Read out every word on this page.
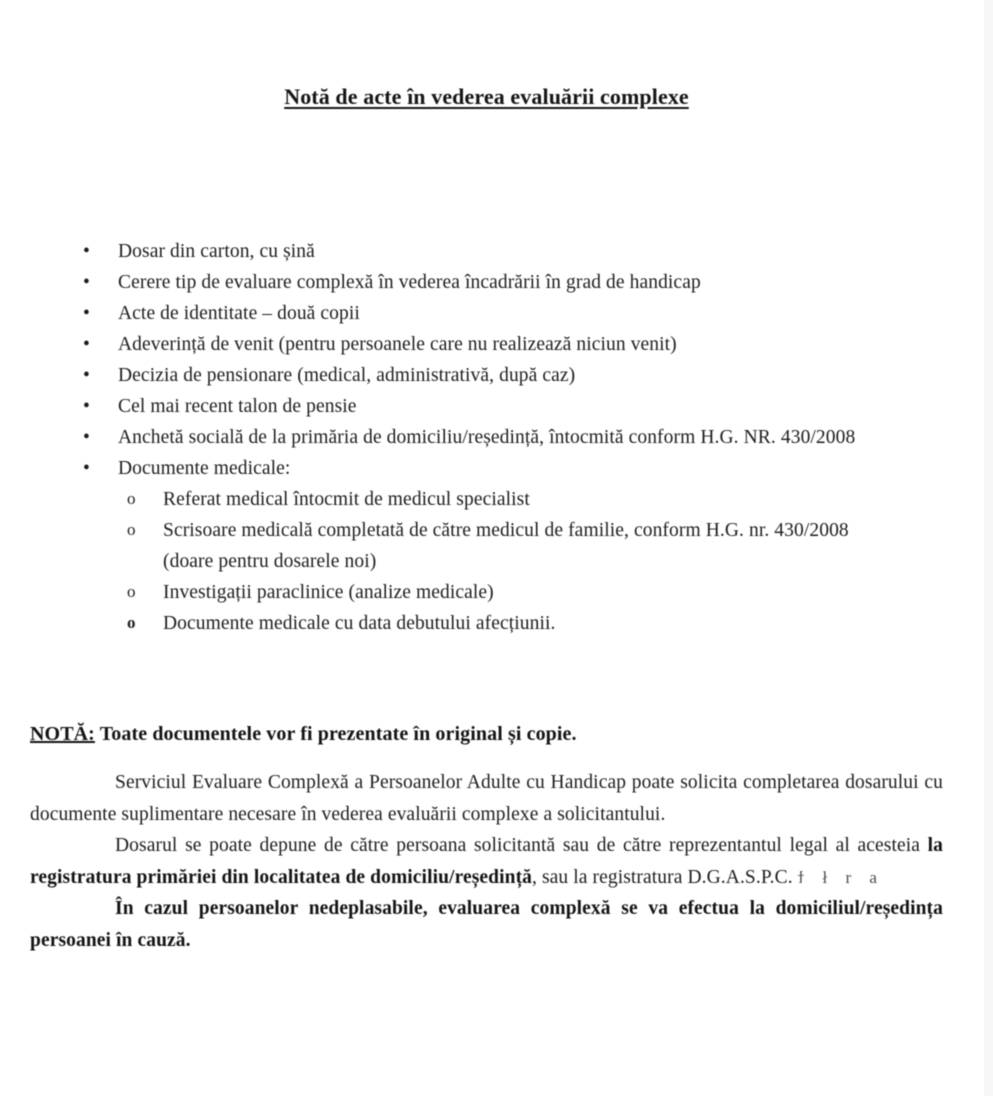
Notă de acte în vederea evaluării complexe
• Dosar din carton, cu șină
• Cerere tip de evaluare complexă în vederea încadrării în grad de handicap
• Acte de identitate – două copii
• Adeverință de venit (pentru persoanele care nu realizează niciun venit)
• Decizia de pensionare (medical, administrativă, după caz)
• Cel mai recent talon de pensie
• Anchetă socială de la primăria de domiciliu/reședință, întocmită conform H.G. NR. 430/2008
• Documente medicale:
o Referat medical întocmit de medicul specialist
o Scrisoare medicală completată de către medicul de familie, conform H.G. nr. 430/2008 (doare pentru dosarele noi)
o Investigații paraclinice (analize medicale)
o Documente medicale cu data debutului afecțiunii.

NOTĂ: Toate documentele vor fi prezentate în original și copie.

Serviciul Evaluare Complexă a Persoanelor Adulte cu Handicap poate solicita completarea dosarului cu documente suplimentare necesare în vederea evaluării complexe a solicitantului.

Dosarul se poate depune de către persoana solicitantă sau de către reprezentantul legal al acesteia la registratura primăriei din localitatea de domiciliu/reședință, sau la registratura D.G.A.S.P.C. ϯ ł r a

În cazul persoanelor nedeplasabile, evaluarea complexă se va efectua la domiciliul/reședința persoanei în cauză.
